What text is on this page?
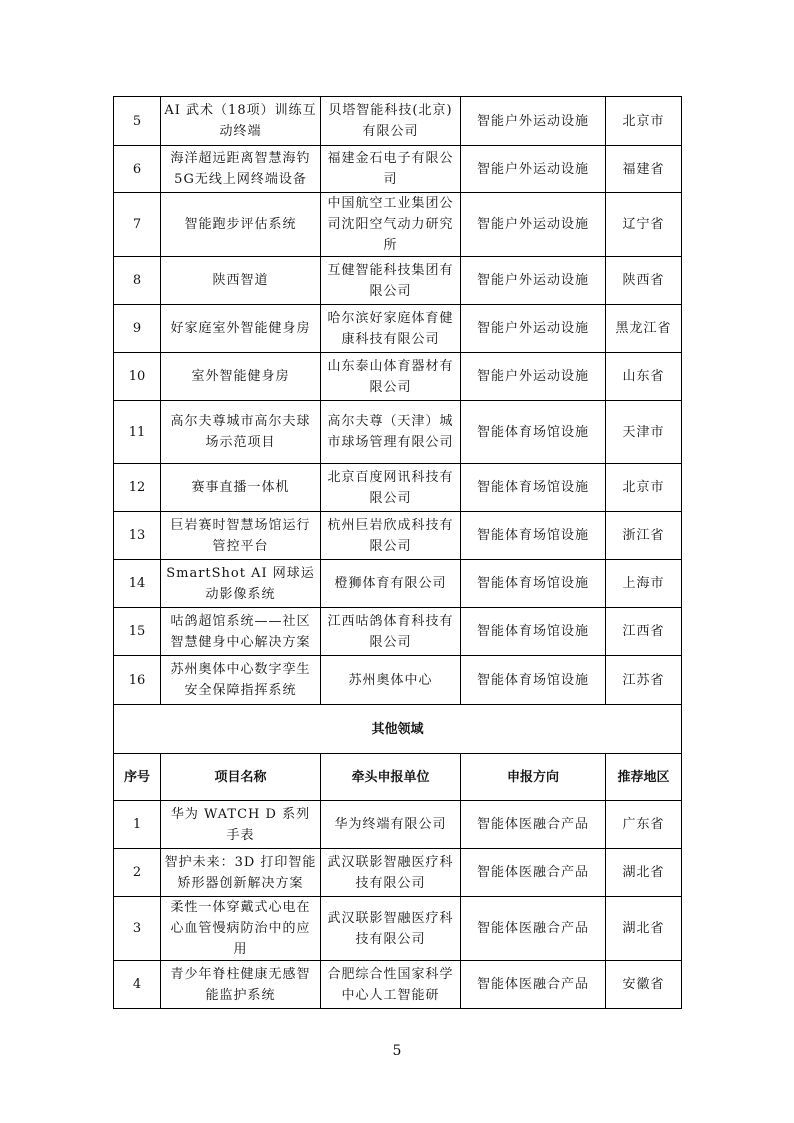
5	AI 武术（18项）训练互动终端	贝塔智能科技(北京)有限公司	智能户外运动设施	北京市
6	海洋超远距离智慧海钓5G无线上网终端设备	福建金石电子有限公司	智能户外运动设施	福建省
7	智能跑步评估系统	中国航空工业集团公司沈阳空气动力研究所	智能户外运动设施	辽宁省
8	陕西智道	互健智能科技集团有限公司	智能户外运动设施	陕西省
9	好家庭室外智能健身房	哈尔滨好家庭体育健康科技有限公司	智能户外运动设施	黑龙江省
10	室外智能健身房	山东泰山体育器材有限公司	智能户外运动设施	山东省
11	高尔夫尊城市高尔夫球场示范项目	高尔夫尊（天津）城市球场管理有限公司	智能体育场馆设施	天津市
12	赛事直播一体机	北京百度网讯科技有限公司	智能体育场馆设施	北京市
13	巨岩赛时智慧场馆运行管控平台	杭州巨岩欣成科技有限公司	智能体育场馆设施	浙江省
14	SmartShot AI 网球运动影像系统	橙狮体育有限公司	智能体育场馆设施	上海市
15	咕鸽超馆系统——社区智慧健身中心解决方案	江西咕鸽体育科技有限公司	智能体育场馆设施	江西省
16	苏州奥体中心数字孪生安全保障指挥系统	苏州奥体中心	智能体育场馆设施	江苏省
其他领域				
序号	项目名称	牵头申报单位	申报方向	推荐地区
1	华为 WATCH D 系列手表	华为终端有限公司	智能体医融合产品	广东省
2	智护未来：3D 打印智能矫形器创新解决方案	武汉联影智融医疗科技有限公司	智能体医融合产品	湖北省
3	柔性一体穿戴式心电在心血管慢病防治中的应用	武汉联影智融医疗科技有限公司	智能体医融合产品	湖北省
4	青少年脊柱健康无感智能监护系统	合肥综合性国家科学中心人工智能研	智能体医融合产品	安徽省
5
